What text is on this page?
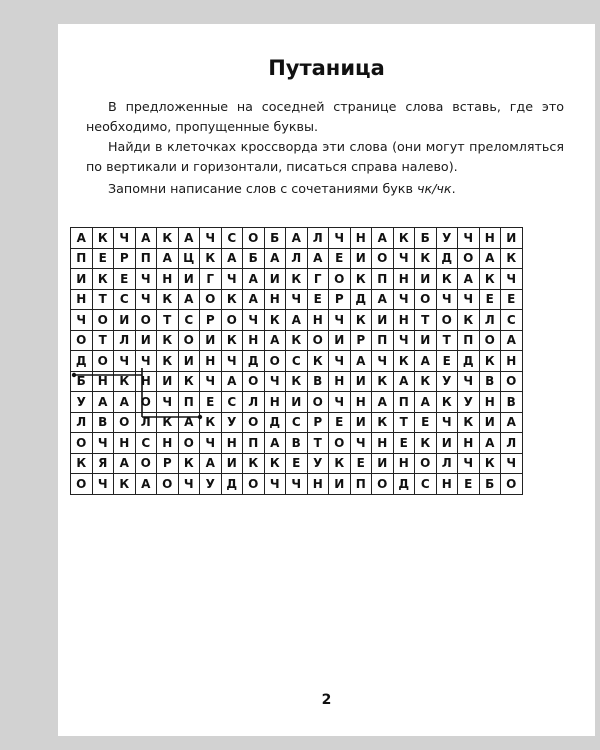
Путаница

В предложенные на соседней странице слова вставь, где это необходимо, пропущенные буквы.

Найди в клеточках кроссворда эти слова (они могут преломляться по вертикали и горизонтали, писаться справа налево).

Запомни написание слов с сочетаниями букв чк/чк.

А	К	Ч	А	К	А	Ч	С	О	Б	А	Л	Ч	Н	А	К	Б	У	Ч	Н	И
П	Е	Р	П	А	Ц	К	А	Б	А	Л	А	Е	И	О	Ч	К	Д	О	А	К
И	К	Е	Ч	Н	И	Г	Ч	А	И	К	Г	О	К	П	Н	И	К	А	К	Ч
Н	Т	С	Ч	К	А	О	К	А	Н	Ч	Е	Р	Д	А	Ч	О	Ч	Ч	Е	Е
Ч	О	И	О	Т	С	Р	О	Ч	К	А	Н	Ч	К	И	Н	Т	О	К	Л	С
О	Т	Л	И	К	О	И	К	Н	А	К	О	И	Р	П	Ч	И	Т	П	О	А
Д	О	Ч	Ч	К	И	Н	Ч	Д	О	С	К	Ч	А	Ч	К	А	Е	Д	К	Н
Б	Н	К	Н	И	К	Ч	А	О	Ч	К	В	Н	И	К	А	К	У	Ч	В	О
У	А	А	О	Ч	П	Е	С	Л	Н	И	О	Ч	Н	А	П	А	К	У	Н	В
Л	В	О	Л	К	А	К	У	О	Д	С	Р	Е	И	К	Т	Е	Ч	К	И	А
О	Ч	Н	С	Н	О	Ч	Н	П	А	В	Т	О	Ч	Н	Е	К	И	Н	А	Л
К	Я	А	О	Р	К	А	И	К	К	Е	У	К	Е	И	Н	О	Л	Ч	К	Ч
О	Ч	К	А	О	Ч	У	Д	О	Ч	Ч	Н	И	П	О	Д	С	Н	Е	Б	О
2
